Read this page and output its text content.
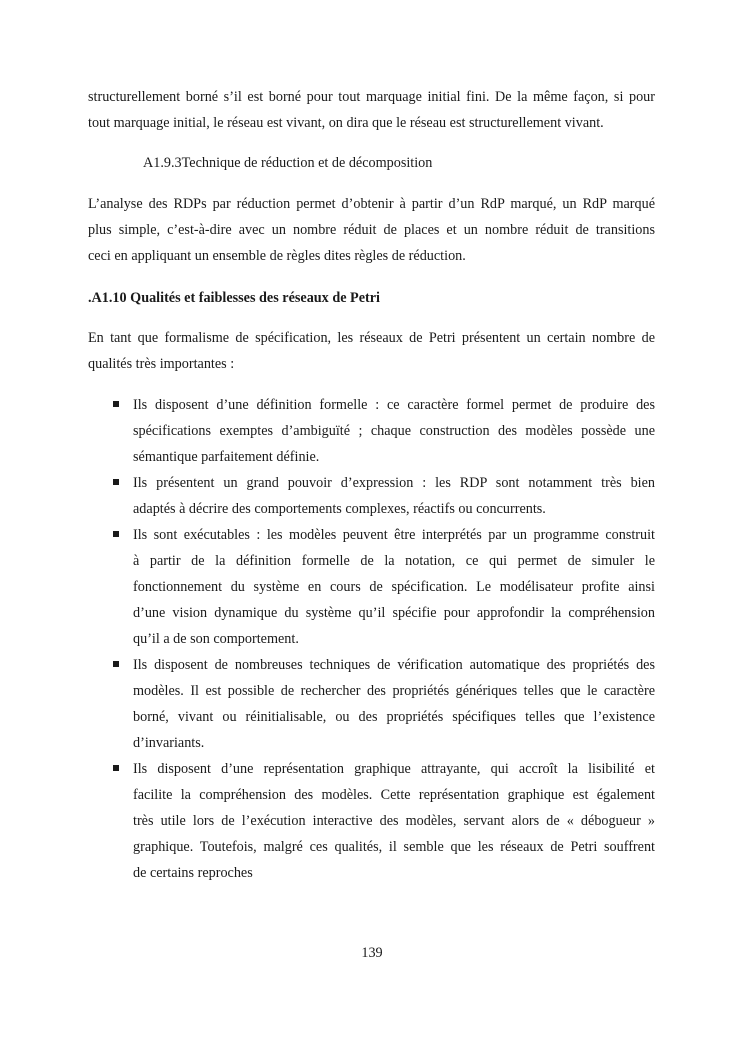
structurellement borné s’il est borné pour tout marquage initial fini. De la même façon, si pour
tout marquage initial, le réseau est vivant, on dira que le réseau est structurellement vivant.
A1.9.3Technique de réduction et de décomposition
L’analyse des RDPs par réduction permet d’obtenir à partir d’un RdP marqué, un RdP marqué
plus simple, c’est-à-dire avec un nombre réduit de places et un nombre réduit de transitions
ceci en appliquant un ensemble de règles dites règles de réduction.
.A1.10 Qualités et faiblesses des réseaux de Petri
En tant que formalisme de spécification, les réseaux de Petri présentent un certain nombre de
qualités très importantes :
Ils disposent d’une définition formelle : ce caractère formel permet de produire des
spécifications exemptes d’ambiguïté ; chaque construction des modèles possède une
sémantique parfaitement définie.
Ils présentent un grand pouvoir d’expression : les RDP sont notamment très bien
adaptés à décrire des comportements complexes, réactifs ou concurrents.
Ils sont exécutables : les modèles peuvent être interprétés par un programme construit
à partir de la définition formelle de la notation, ce qui permet de simuler le
fonctionnement du système en cours de spécification. Le modélisateur profite ainsi
d’une vision dynamique du système qu’il spécifie pour approfondir la compréhension
qu’il a de son comportement.
Ils disposent de nombreuses techniques de vérification automatique des propriétés des
modèles. Il est possible de rechercher des propriétés génériques telles que le caractère
borné, vivant ou réinitialisable, ou des propriétés spécifiques telles que l’existence
d’invariants.
Ils disposent d’une représentation graphique attrayante, qui accroît la lisibilité et
facilite la compréhension des modèles. Cette représentation graphique est également
très utile lors de l’exécution interactive des modèles, servant alors de « débogueur »
graphique. Toutefois, malgré ces qualités, il semble que les réseaux de Petri souffrent
de certains reproches
139
